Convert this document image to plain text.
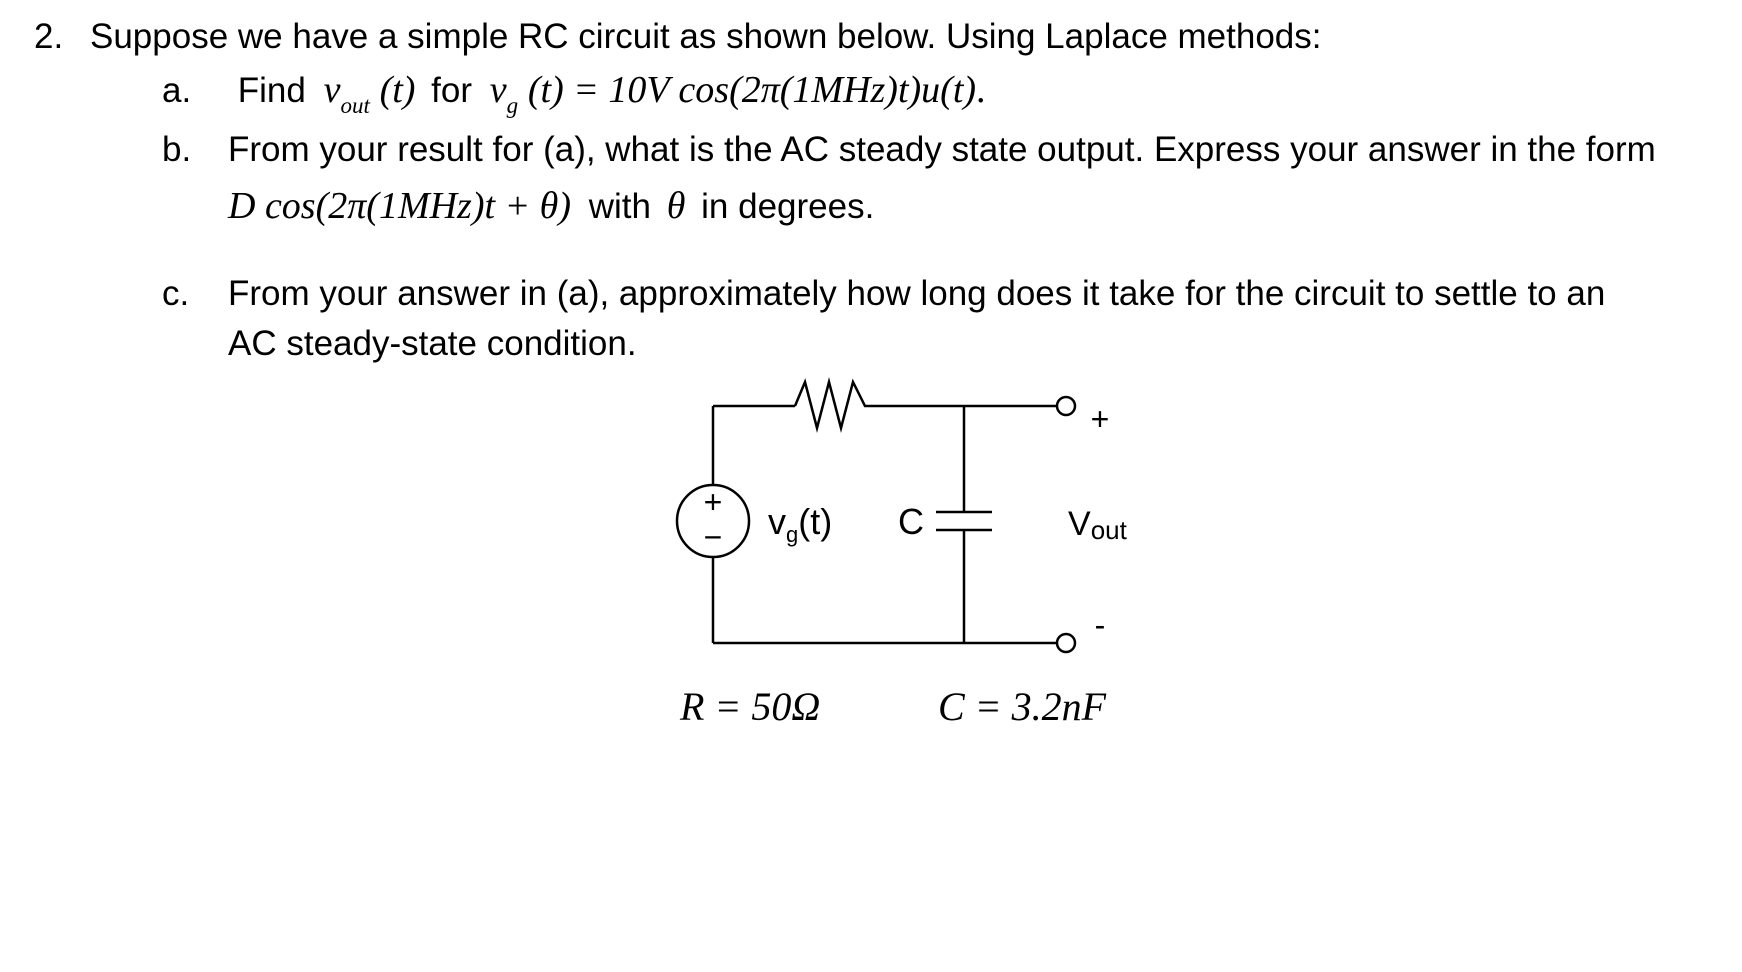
2. Suppose we have a simple RC circuit as shown below. Using Laplace methods:
a. Find $v_{out}$ (t) for $v_g$ (t) = 10V cos(2π(1MHz)t)u(t).
b. From your result for (a), what is the AC steady state output. Express your answer in the form
D cos(2π(1MHz)t + θ) with θ in degrees.
c. From your answer in (a), approximately how long does it take for the circuit to settle to an
AC steady-state condition.
+
− $v_g(t)$ C
+
-
Vout
R = 50Ω	C = 3.2nF
